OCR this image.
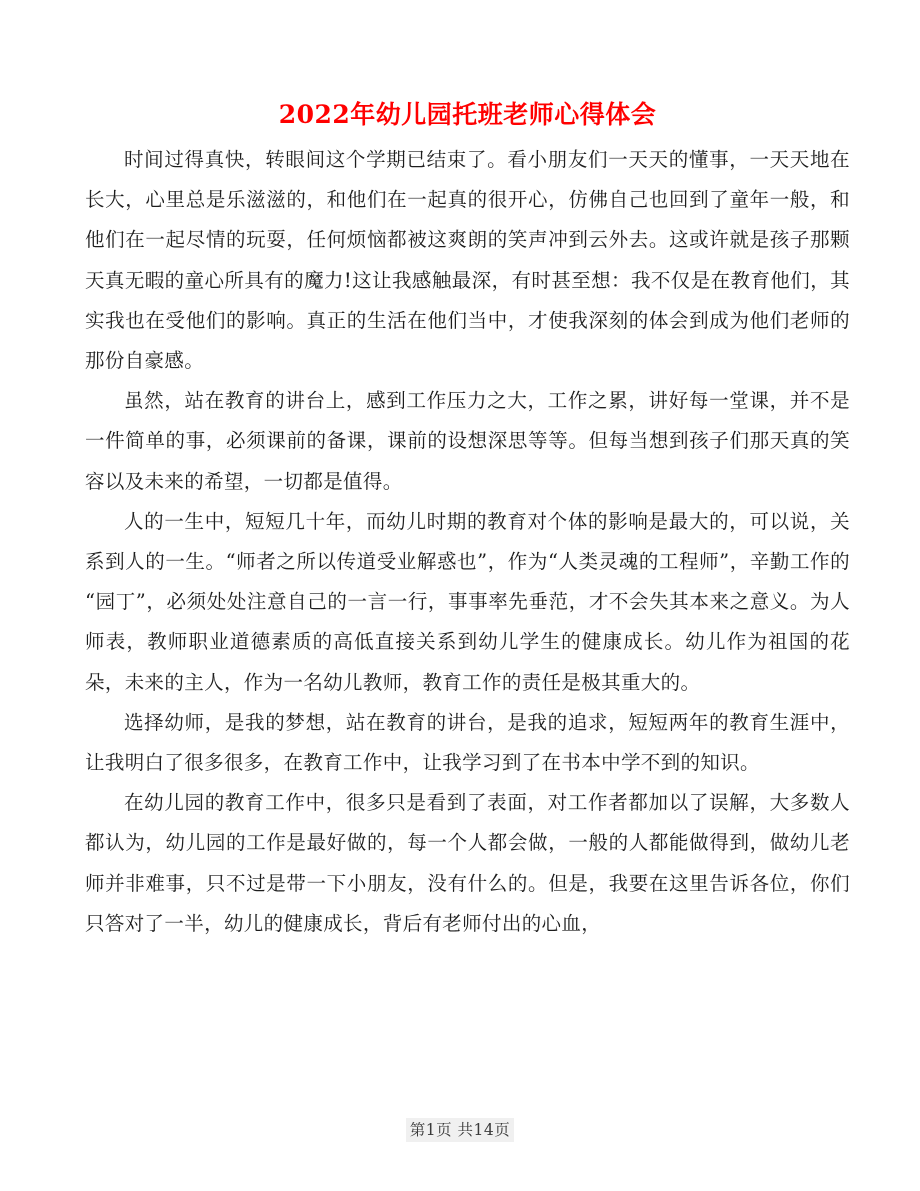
2022年幼儿园托班老师心得体会

时间过得真快，转眼间这个学期已结束了。看小朋友们一天天的懂事，一天天地在长大，心里总是乐滋滋的，和他们在一起真的很开心，仿佛自己也回到了童年一般，和他们在一起尽情的玩耍，任何烦恼都被这爽朗的笑声冲到云外去。这或许就是孩子那颗天真无暇的童心所具有的魔力!这让我感触最深，有时甚至想：我不仅是在教育他们，其实我也在受他们的影响。真正的生活在他们当中，才使我深刻的体会到成为他们老师的那份自豪感。

虽然，站在教育的讲台上，感到工作压力之大，工作之累，讲好每一堂课，并不是一件简单的事，必须课前的备课，课前的设想深思等等。但每当想到孩子们那天真的笑容以及未来的希望，一切都是值得。

人的一生中，短短几十年，而幼儿时期的教育对个体的影响是最大的，可以说，关系到人的一生。“师者之所以传道受业解惑也”，作为“人类灵魂的工程师”，辛勤工作的“园丁”，必须处处注意自己的一言一行，事事率先垂范，才不会失其本来之意义。为人师表，教师职业道德素质的高低直接关系到幼儿学生的健康成长。幼儿作为祖国的花朵，未来的主人，作为一名幼儿教师，教育工作的责任是极其重大的。

选择幼师，是我的梦想，站在教育的讲台，是我的追求，短短两年的教育生涯中，让我明白了很多很多，在教育工作中，让我学习到了在书本中学不到的知识。

在幼儿园的教育工作中，很多只是看到了表面，对工作者都加以了误解，大多数人都认为，幼儿园的工作是最好做的，每一个人都会做，一般的人都能做得到，做幼儿老师并非难事，只不过是带一下小朋友，没有什么的。但是，我要在这里告诉各位，你们只答对了一半，幼儿的健康成长，背后有老师付出的心血，

第1页 共14页
